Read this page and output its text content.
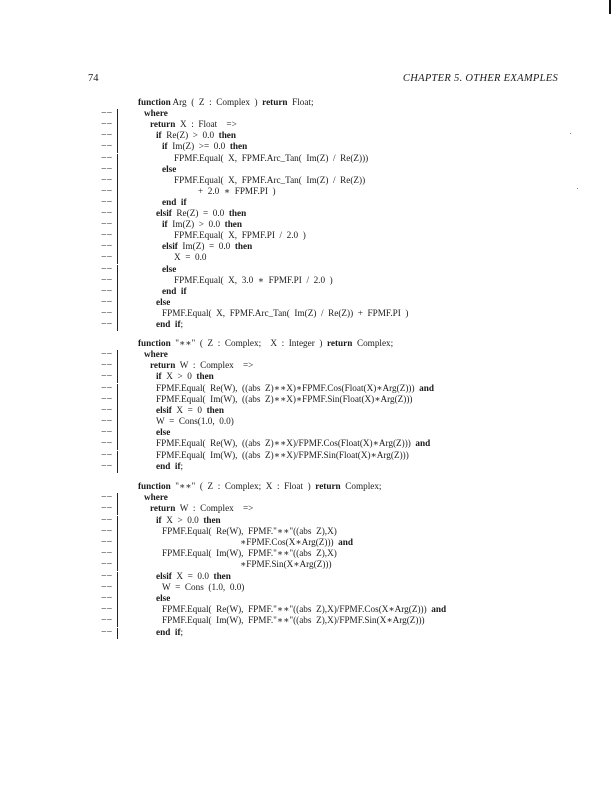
74	CHAPTER 5. OTHER EXAMPLES
function Arg  (  Z  :  Complex  )  return Float;
−−	where
−−	return X  :  Float    =>
−−	if Re(Z)  >  0.0  then
−−	if Im(Z)  >=  0.0  then
−−	FPMF.Equal(  X,  FPMF.Arc_Tan(  Im(Z)  /  Re(Z)))
−−	else
−−	FPMF.Equal(  X,  FPMF.Arc_Tan(  Im(Z)  /  Re(Z))
−−	+  2.0  ∗  FPMF.PI  )
−−	end if
−−	elsif Re(Z)  =  0.0  then
−−	if Im(Z)  >  0.0  then
−−	FPMF.Equal(  X,  FPMF.PI  /  2.0  )
−−	elsif Im(Z)  =  0.0  then
−−	X  =  0.0
−−	else
−−	FPMF.Equal(  X,  3.0  ∗  FPMF.PI  /  2.0  )
−−	end if
−−	else
−−	FPMF.Equal(  X,  FPMF.Arc_Tan(  Im(Z)  /  Re(Z))  +  FPMF.PI  )
−−	end if;
function  "∗∗"  (  Z  :  Complex;    X  :  Integer  )  return Complex;
−−	where
−−	return W  :  Complex    =>
−−	if X  >  0  then
−−	FPMF.Equal(  Re(W),  ((abs Z)∗∗X)∗FPMF.Cos(Float(X)∗Arg(Z)))  and
−−	FPMF.Equal(  Im(W),  ((abs Z)∗∗X)∗FPMF.Sin(Float(X)∗Arg(Z)))
−−	elsif X  =  0  then
−−	W  =  Cons(1.0,  0.0)
−−	else
−−	FPMF.Equal(  Re(W),  ((abs Z)∗∗X)/FPMF.Cos(Float(X)∗Arg(Z)))  and
−−	FPMF.Equal(  Im(W),  ((abs Z)∗∗X)/FPMF.Sin(Float(X)∗Arg(Z)))
−−	end if;
function  "∗∗"  (  Z  :  Complex;  X  :  Float  )  return Complex;
−−	where
−−	return W  :  Complex    =>
−−	if X  >  0.0  then
−−	FPMF.Equal(  Re(W),  FPMF."∗∗"((abs Z),X)
−−	∗FPMF.Cos(X∗Arg(Z)))  and
−−	FPMF.Equal(  Im(W),  FPMF."∗∗"((abs Z),X)
−−	∗FPMF.Sin(X∗Arg(Z)))
−−	elsif X  =  0.0  then
−−	W  =  Cons  (1.0,  0.0)
−−	else
−−	FPMF.Equal(  Re(W),  FPMF."∗∗"((abs Z),X)/FPMF.Cos(X∗Arg(Z)))  and
−−	FPMF.Equal(  Im(W),  FPMF."∗∗"((abs Z),X)/FPMF.Sin(X∗Arg(Z)))
−−	end if;
